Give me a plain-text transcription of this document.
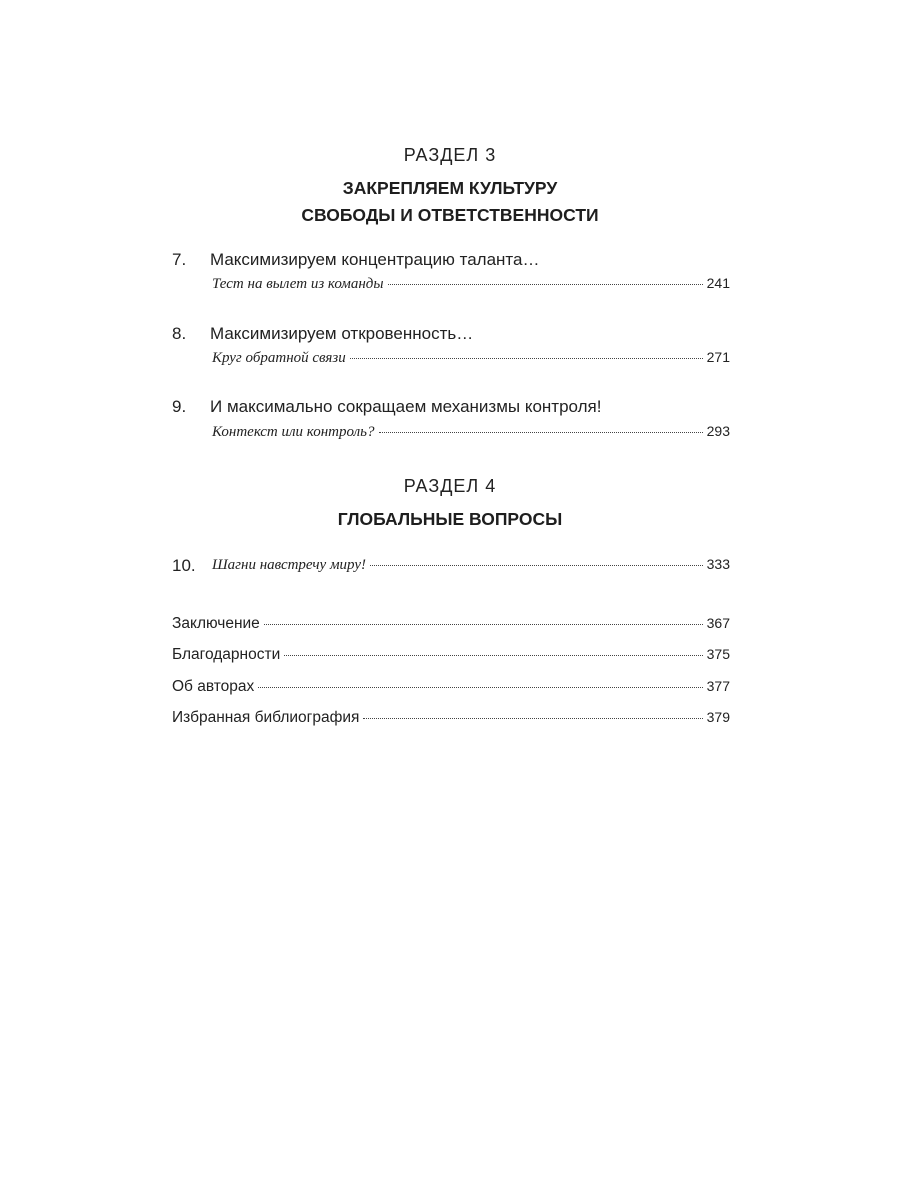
РАЗДЕЛ 3
ЗАКРЕПЛЯЕМ КУЛЬТУРУ
СВОБОДЫ И ОТВЕТСТВЕННОСТИ
7. Максимизируем концентрацию таланта…
Тест на вылет из команды	241
8. Максимизируем откровенность…
Круг обратной связи	271
9. И максимально сокращаем механизмы контроля!
Контекст или контроль?	293
РАЗДЕЛ 4
ГЛОБАЛЬНЫЕ ВОПРОСЫ
10. Шагни навстречу миру!	333
Заключение	367
Благодарности	375
Об авторах	377
Избранная библиография	379
